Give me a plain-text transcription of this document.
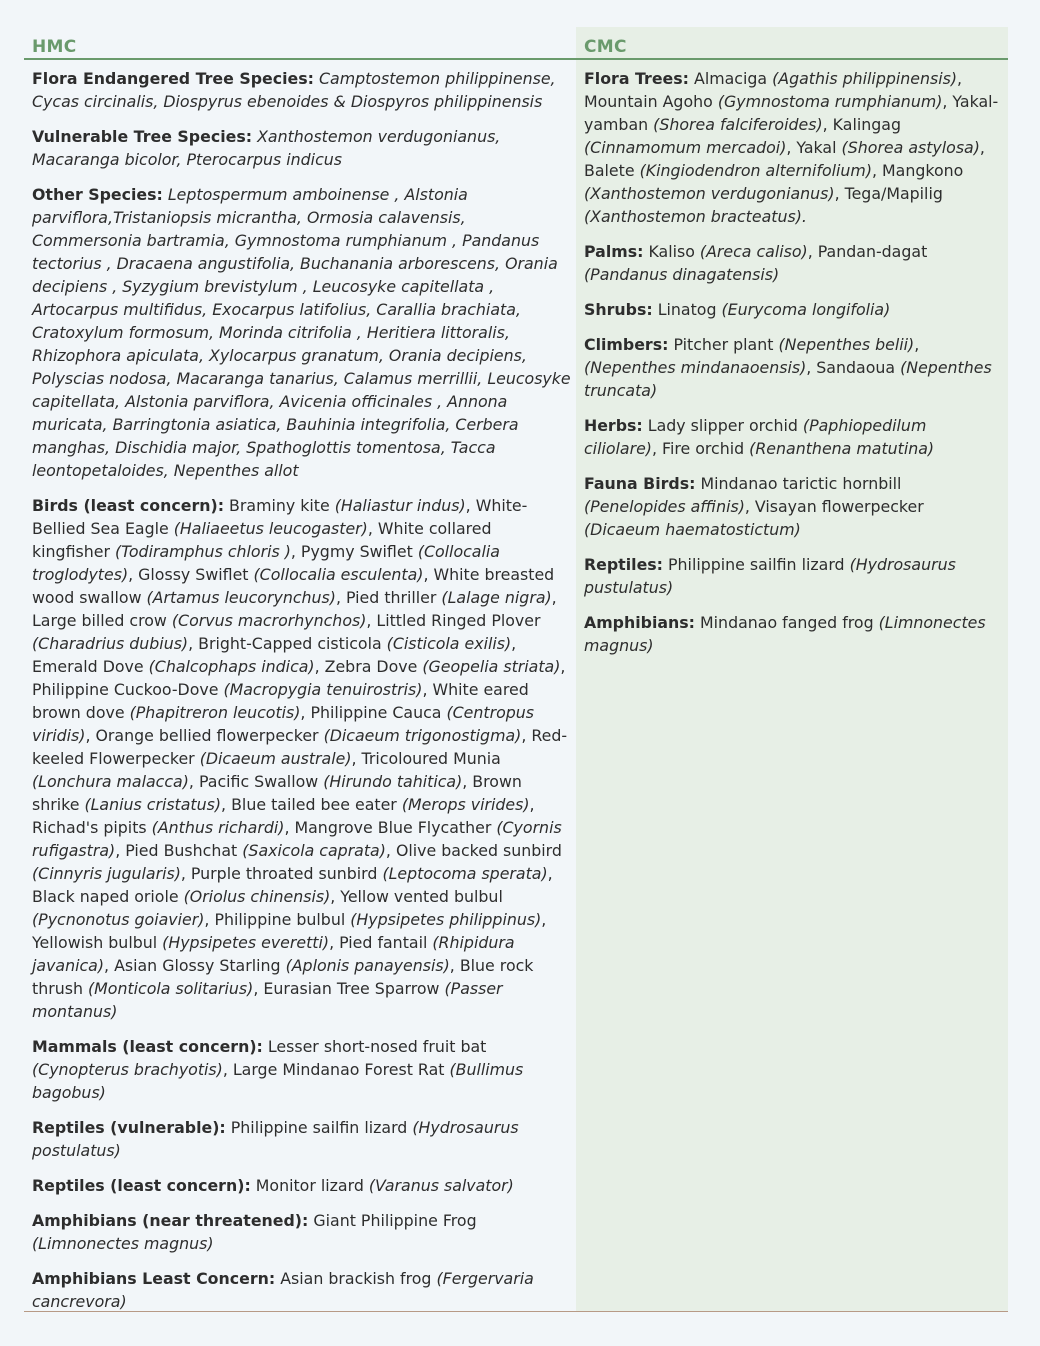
HMC

Flora Endangered Tree Species: Camptostemon philippinense, Cycas circinalis, Diospyrus ebenoides & Diospyros philippinensis

Vulnerable Tree Species: Xanthostemon verdugonianus, Macaranga bicolor, Pterocarpus indicus

Other Species: Leptospermum amboinense , Alstonia parviflora,Tristaniopsis micrantha, Ormosia calavensis, Commersonia bartramia, Gymnostoma rumphianum , Pandanus tectorius , Dracaena angustifolia, Buchanania arborescens, Orania decipiens , Syzygium brevistylum , Leucosyke capitellata , Artocarpus multifidus, Exocarpus latifolius, Carallia brachiata, Cratoxylum formosum, Morinda citrifolia , Heritiera littoralis, Rhizophora apiculata, Xylocarpus granatum, Orania decipiens, Polyscias nodosa, Macaranga tanarius, Calamus merrillii, Leucosyke capitellata, Alstonia parviflora, Avicenia officinales , Annona muricata, Barringtonia asiatica, Bauhinia integrifolia, Cerbera manghas, Dischidia major, Spathoglottis tomentosa, Tacca leontopetaloides, Nepenthes allot

Birds (least concern): Braminy kite (Haliastur indus), White-Bellied Sea Eagle (Haliaeetus leucogaster), White collared kingfisher (Todiramphus chloris ), Pygmy Swiflet (Collocalia troglodytes), Glossy Swiflet (Collocalia esculenta), White breasted wood swallow (Artamus leucorynchus), Pied thriller (Lalage nigra), Large billed crow (Corvus macrorhynchos), Littled Ringed Plover (Charadrius dubius), Bright-Capped cisticola (Cisticola exilis), Emerald Dove (Chalcophaps indica), Zebra Dove (Geopelia striata), Philippine Cuckoo-Dove (Macropygia tenuirostris), White eared brown dove (Phapitreron leucotis), Philippine Cauca (Centropus viridis), Orange bellied flowerpecker (Dicaeum trigonostigma), Red-keeled Flowerpecker (Dicaeum australe), Tricoloured Munia (Lonchura malacca), Pacific Swallow (Hirundo tahitica), Brown shrike (Lanius cristatus), Blue tailed bee eater (Merops virides), Richad's pipits (Anthus richardi), Mangrove Blue Flycather (Cyornis rufigastra), Pied Bushchat (Saxicola caprata), Olive backed sunbird (Cinnyris jugularis), Purple throated sunbird (Leptocoma sperata), Black naped oriole (Oriolus chinensis), Yellow vented bulbul (Pycnonotus goiavier), Philippine bulbul (Hypsipetes philippinus), Yellowish bulbul (Hypsipetes everetti), Pied fantail (Rhipidura javanica), Asian Glossy Starling (Aplonis panayensis), Blue rock thrush (Monticola solitarius), Eurasian Tree Sparrow (Passer montanus)

Mammals (least concern): Lesser short-nosed fruit bat (Cynopterus brachyotis), Large Mindanao Forest Rat (Bullimus bagobus)

Reptiles (vulnerable): Philippine sailfin lizard (Hydrosaurus postulatus)

Reptiles (least concern): Monitor lizard (Varanus salvator)

Amphibians (near threatened): Giant Philippine Frog (Limnonectes magnus)

Amphibians Least Concern: Asian brackish frog (Fergervaria cancrevora)

CMC

Flora Trees: Almaciga (Agathis philippinensis), Mountain Agoho (Gymnostoma rumphianum), Yakal-yamban (Shorea falciferoides), Kalingag (Cinnamomum mercadoi), Yakal (Shorea astylosa), Balete (Kingiodendron alternifolium), Mangkono (Xanthostemon verdugonianus), Tega/Mapilig (Xanthostemon bracteatus).

Palms: Kaliso (Areca caliso), Pandan-dagat (Pandanus dinagatensis)

Shrubs: Linatog (Eurycoma longifolia)

Climbers: Pitcher plant (Nepenthes belii), (Nepenthes mindanaoensis), Sandaoua (Nepenthes truncata)

Herbs: Lady slipper orchid (Paphiopedilum ciliolare), Fire orchid (Renanthena matutina)

Fauna Birds: Mindanao tarictic hornbill (Penelopides affinis), Visayan flowerpecker (Dicaeum haematostictum)

Reptiles: Philippine sailfin lizard (Hydrosaurus pustulatus)

Amphibians: Mindanao fanged frog (Limnonectes magnus)
